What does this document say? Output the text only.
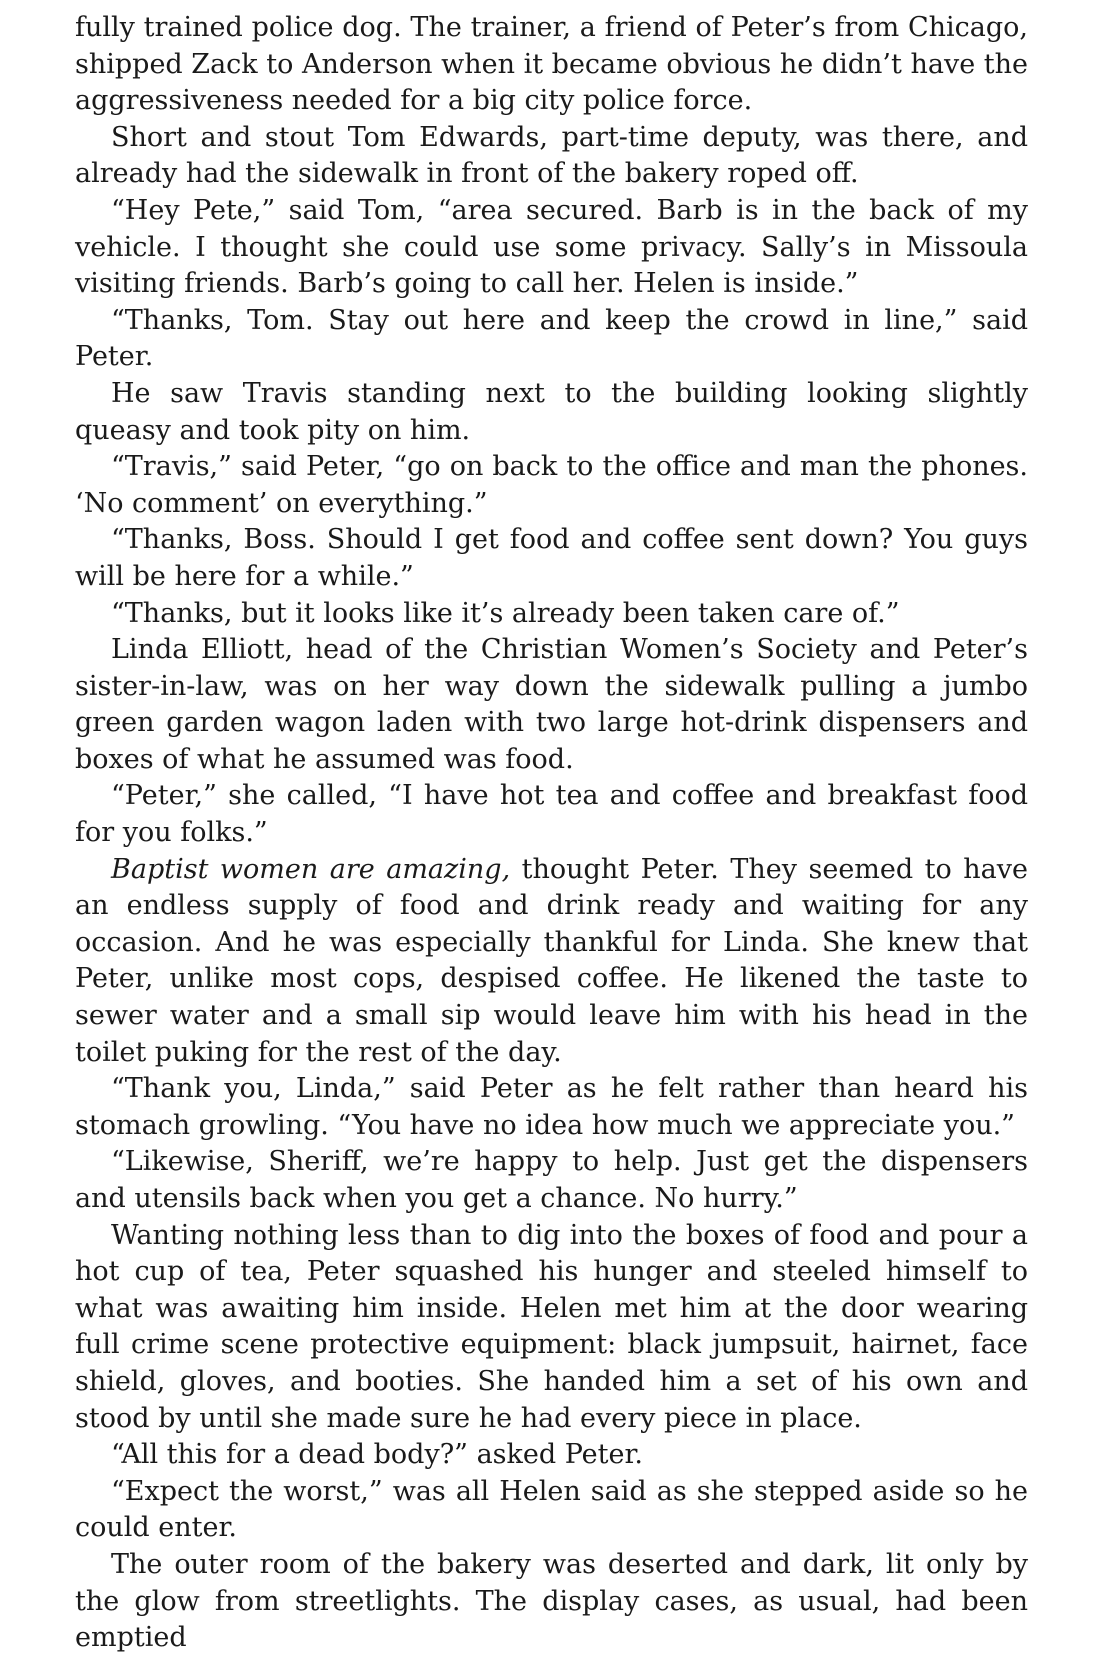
fully trained police dog. The trainer, a friend of Peter’s from Chicago, shipped Zack to Anderson when it became obvious he didn’t have the aggressiveness needed for a big city police force.

Short and stout Tom Edwards, part-time deputy, was there, and already had the sidewalk in front of the bakery roped off.

“Hey Pete,” said Tom, “area secured. Barb is in the back of my vehicle. I thought she could use some privacy. Sally’s in Missoula visiting friends. Barb’s going to call her. Helen is inside.”

“Thanks, Tom. Stay out here and keep the crowd in line,” said Peter.

He saw Travis standing next to the building looking slightly queasy and took pity on him.

“Travis,” said Peter, “go on back to the office and man the phones. ‘No comment’ on everything.”

“Thanks, Boss. Should I get food and coffee sent down? You guys will be here for a while.”

“Thanks, but it looks like it’s already been taken care of.”

Linda Elliott, head of the Christian Women’s Society and Peter’s sister-in-law, was on her way down the sidewalk pulling a jumbo green garden wagon laden with two large hot-drink dispensers and boxes of what he assumed was food.

“Peter,” she called, “I have hot tea and coffee and breakfast food for you folks.”

Baptist women are amazing, thought Peter. They seemed to have an endless supply of food and drink ready and waiting for any occasion. And he was especially thankful for Linda. She knew that Peter, unlike most cops, despised coffee. He likened the taste to sewer water and a small sip would leave him with his head in the toilet puking for the rest of the day.

“Thank you, Linda,” said Peter as he felt rather than heard his stomach growling. “You have no idea how much we appreciate you.”

“Likewise, Sheriff, we’re happy to help. Just get the dispensers and utensils back when you get a chance. No hurry.”

Wanting nothing less than to dig into the boxes of food and pour a hot cup of tea, Peter squashed his hunger and steeled himself to what was awaiting him inside. Helen met him at the door wearing full crime scene protective equipment: black jumpsuit, hairnet, face shield, gloves, and booties. She handed him a set of his own and stood by until she made sure he had every piece in place.

“All this for a dead body?” asked Peter.

“Expect the worst,” was all Helen said as she stepped aside so he could enter.

The outer room of the bakery was deserted and dark, lit only by the glow from streetlights. The display cases, as usual, had been emptied
